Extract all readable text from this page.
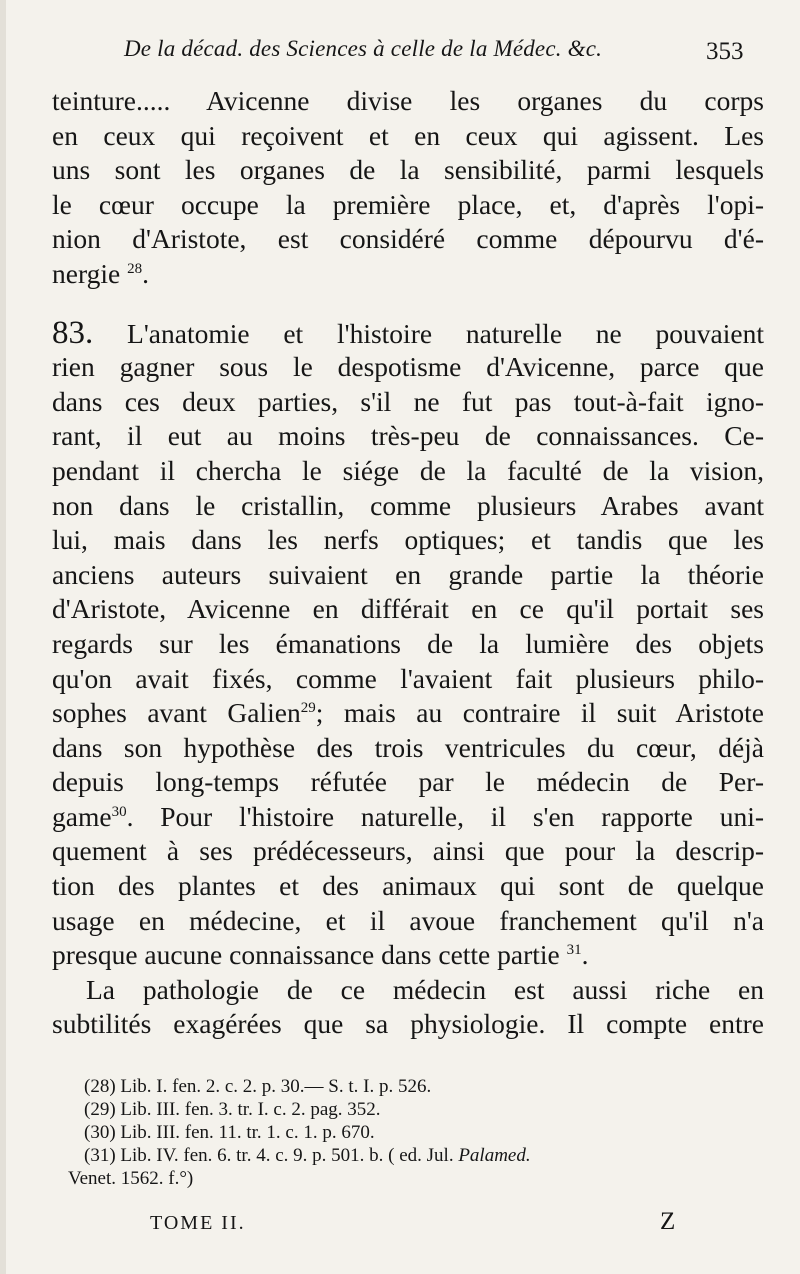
De la décad. des Sciences à celle de la Médec. &c.	353
teinture..... Avicenne divise les organes du corps
en ceux qui reçoivent et en ceux qui agissent. Les
uns sont les organes de la sensibilité, parmi lesquels
le cœur occupe la première place, et, d'après l'opi-
nion d'Aristote, est considéré comme dépourvu d'é-
nergie $^{28}$.
83. L'anatomie et l'histoire naturelle ne pouvaient
rien gagner sous le despotisme d'Avicenne, parce que
dans ces deux parties, s'il ne fut pas tout-à-fait igno-
rant, il eut au moins très-peu de connaissances. Ce-
pendant il chercha le siége de la faculté de la vision,
non dans le cristallin, comme plusieurs Arabes avant
lui, mais dans les nerfs optiques; et tandis que les
anciens auteurs suivaient en grande partie la théorie
d'Aristote, Avicenne en différait en ce qu'il portait ses
regards sur les émanations de la lumière des objets
qu'on avait fixés, comme l'avaient fait plusieurs philo-
sophes avant Galien$^{29}$; mais au contraire il suit Aristote
dans son hypothèse des trois ventricules du cœur, déjà
depuis long-temps réfutée par le médecin de Per-
game$^{30}$. Pour l'histoire naturelle, il s'en rapporte uni-
quement à ses prédécesseurs, ainsi que pour la descrip-
tion des plantes et des animaux qui sont de quelque
usage en médecine, et il avoue franchement qu'il n'a
presque aucune connaissance dans cette partie $^{31}$.
La pathologie de ce médecin est aussi riche en
subtilités exagérées que sa physiologie. Il compte entre
(28) Lib. I. fen. 2. c. 2. p. 30.— S. t. I. p. 526.
(29) Lib. III. fen. 3. tr. I. c. 2. pag. 352.
(30) Lib. III. fen. 11. tr. 1. c. 1. p. 670.
(31) Lib. IV. fen. 6. tr. 4. c. 9. p. 501. b. ( ed. Jul. Palamed.
Venet. 1562. f.°)
TOME II.	Z
